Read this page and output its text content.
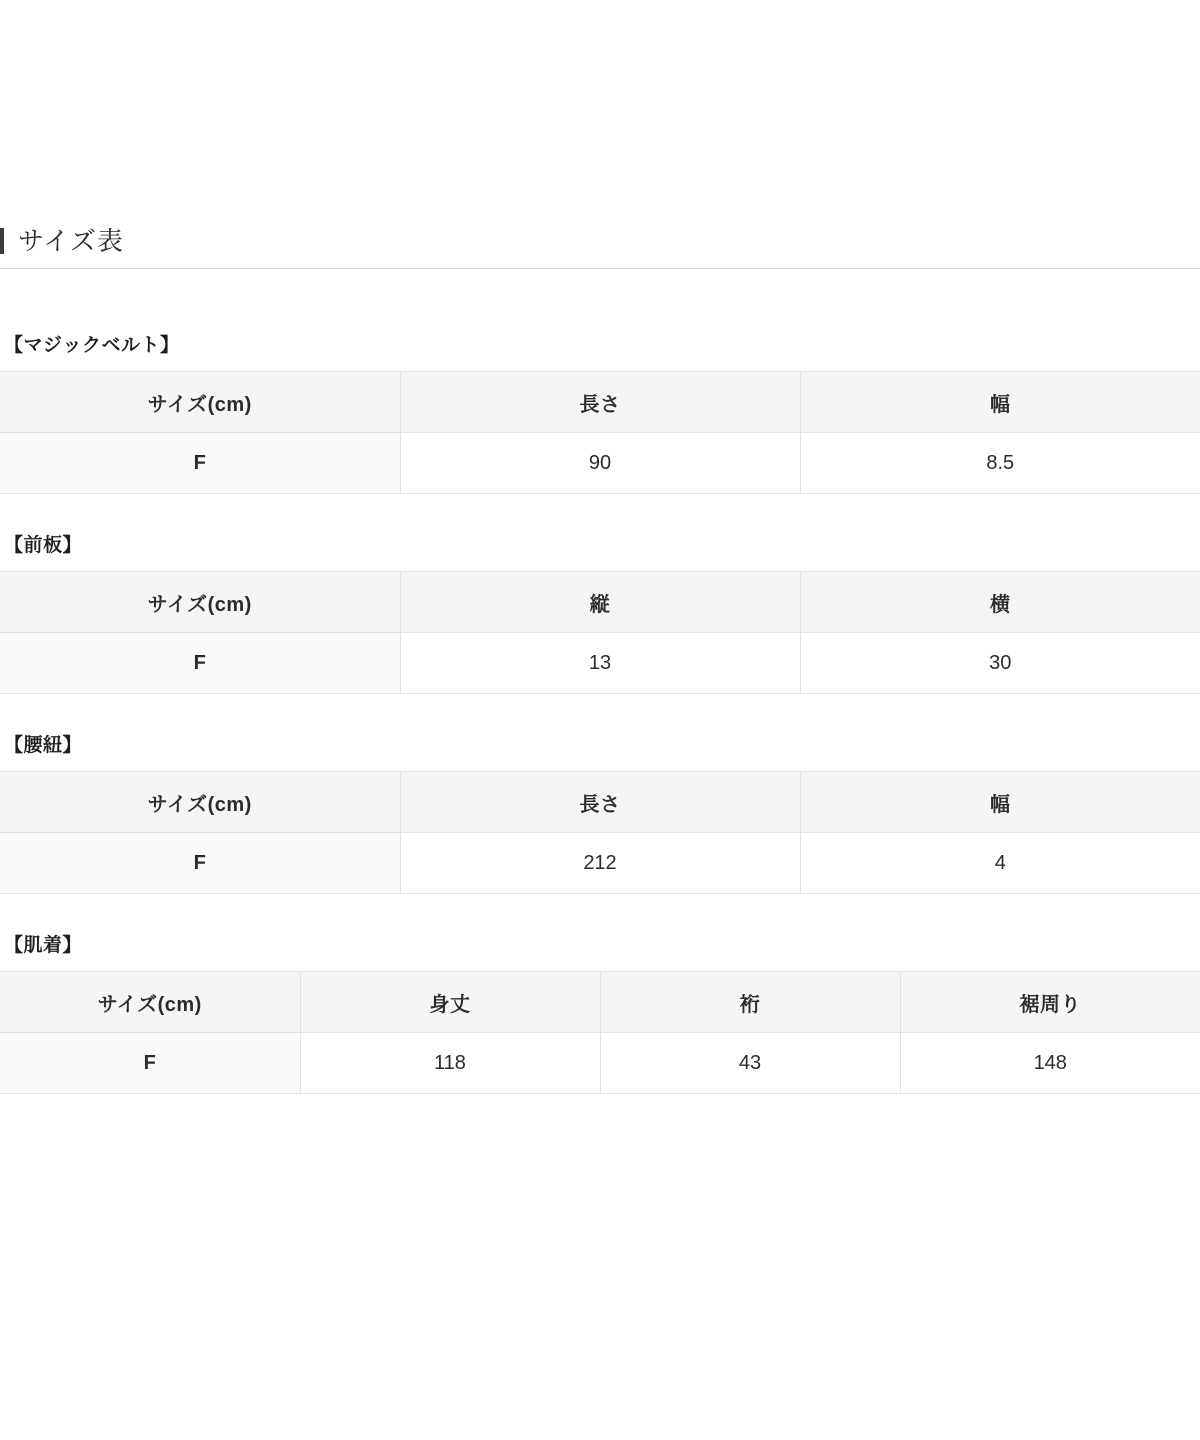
サイズ表
【マジックベルト】
サイズ(cm)	長さ	幅
F	90	8.5
【前板】
サイズ(cm)	縦	横
F	13	30
【腰紐】
サイズ(cm)	長さ	幅
F	212	4
【肌着】
サイズ(cm)	身丈	裄	裾周り
F	118	43	148
